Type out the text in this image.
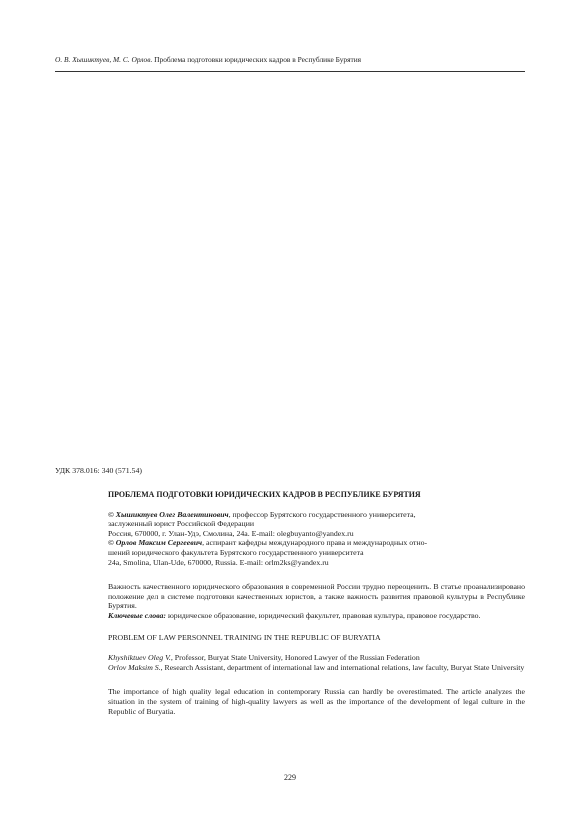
О. В. Хышиктуев, М. С. Орлов. Проблема подготовки юридических кадров в Республике Бурятия
УДК 378.016: 340 (571.54)

ПРОБЛЕМА ПОДГОТОВКИ ЮРИДИЧЕСКИХ КАДРОВ В РЕСПУБЛИКЕ БУРЯТИЯ

© Хышиктуев Олег Валентинович, профессор Бурятского государственного университета,

заслуженный юрист Российской Федерации

Россия, 670000, г. Улан-Удэ, Смолина, 24а. E-mail: olegbuyanto@yandex.ru

© Орлов Максим Сергеевич, аспирант кафедры международного права и международных отно-

шений юридического факультета Бурятского государственного университета

24a, Smolina, Ulan-Ude, 670000, Russia. E-mail: orlm2ks@yandex.ru

Важность качественного юридического образования в современной России трудно переоценить. В статье проанализировано положение дел в системе подготовки качественных юристов, а также важность развития правовой культуры в Республике Бурятия.

Ключевые слова: юридическое образование, юридический факультет, правовая культура, правовое государство.

PROBLEM OF LAW PERSONNEL TRAINING IN THE REPUBLIC OF BURYATIA

Khyshiktuev Oleg V., Professor, Buryat State University, Honored Lawyer of the Russian Federation

Orlov Maksim S., Research Assistant, department of international law and international relations, law faculty, Buryat State University

The importance of high quality legal education in contemporary Russia can hardly be overestimated. The article analyzes the situation in the system of training of high-quality lawyers as well as the importance of the development of legal culture in the Republic of Buryatia.

229
